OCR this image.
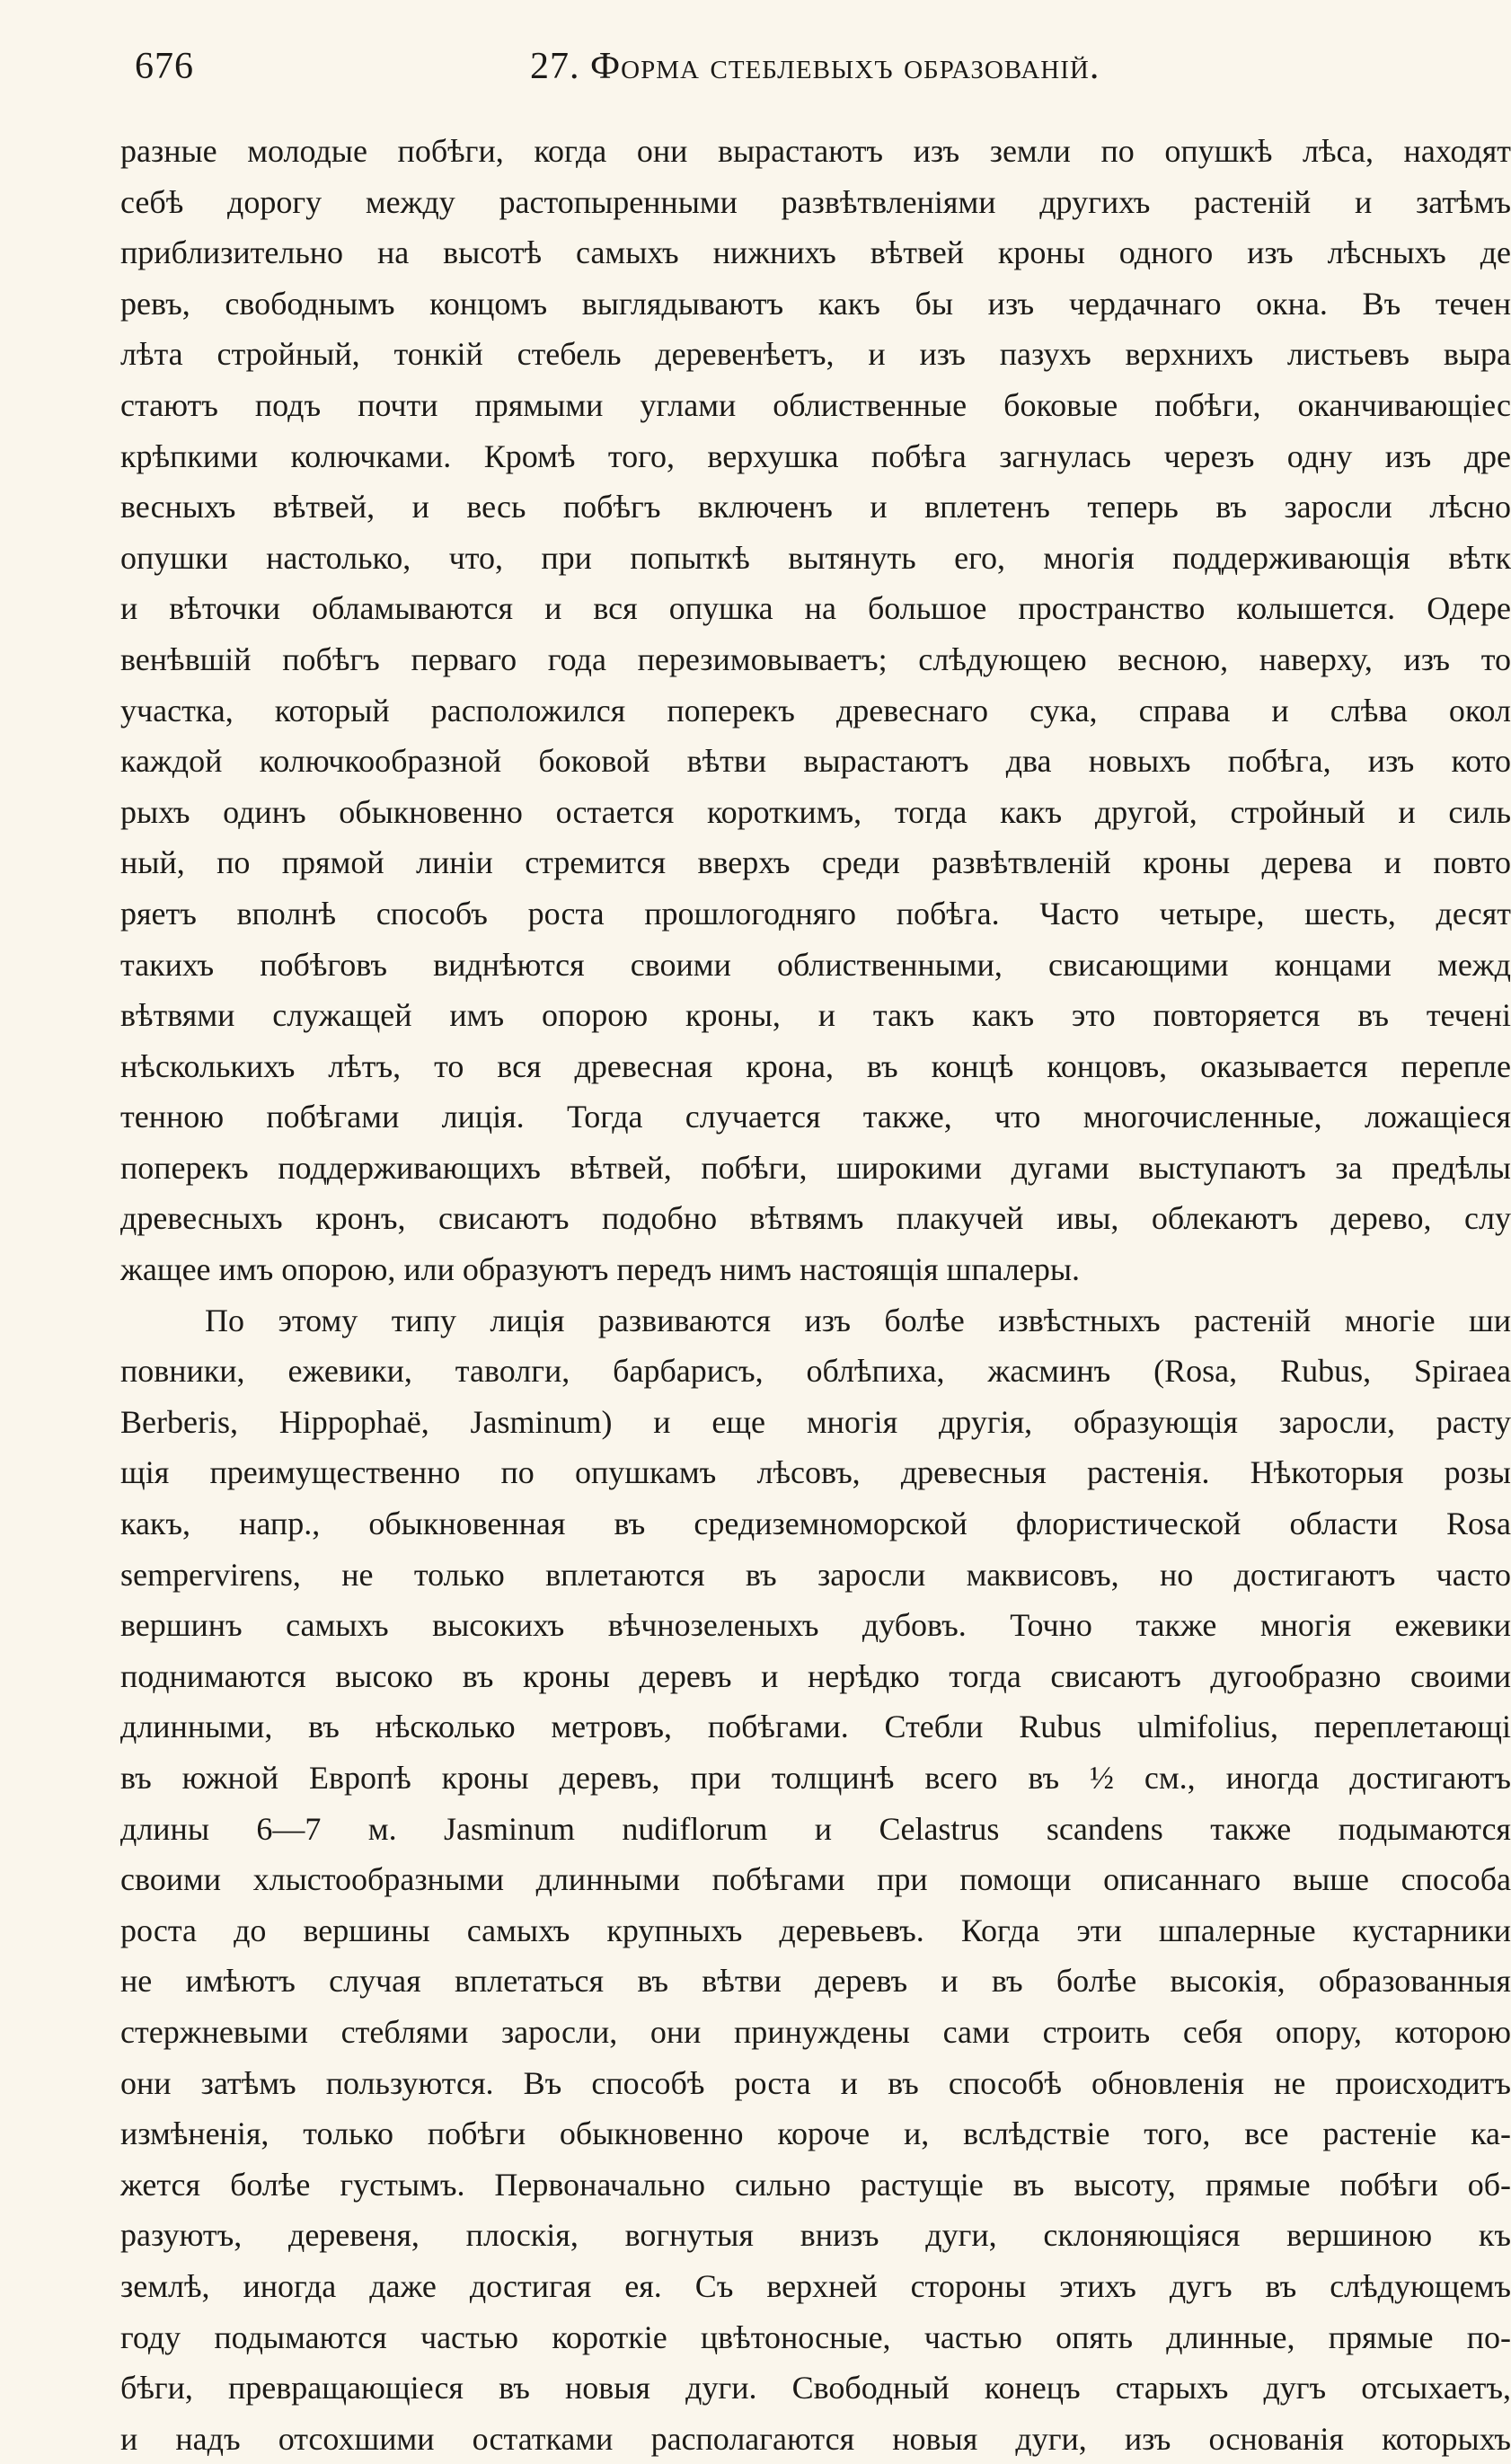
676	27. Форма стеблевыхъ образованій.
разные молодые побѣги, когда они вырастаютъ изъ земли по опушкѣ лѣса, находят
себѣ дорогу между растопыренными развѣтвленіями другихъ растеній и затѣмъ
приблизительно на высотѣ самыхъ нижнихъ вѣтвей кроны одного изъ лѣсныхъ де
ревъ, свободнымъ концомъ выглядываютъ какъ бы изъ чердачнаго окна. Въ течен
лѣта стройный, тонкій стебель деревенѣетъ, и изъ пазухъ верхнихъ листьевъ выра
стаютъ подъ почти прямыми углами облиственные боковые побѣги, оканчивающіес
крѣпкими колючками. Кромѣ того, верхушка побѣга загнулась черезъ одну изъ дре
весныхъ вѣтвей, и весь побѣгъ включенъ и вплетенъ теперь въ заросли лѣсно
опушки настолько, что, при попыткѣ вытянуть его, многія поддерживающія вѣтк
и вѣточки обламываются и вся опушка на большое пространство колышется. Одере
венѣвшій побѣгъ перваго года перезимовываетъ; слѣдующею весною, наверху, изъ то
участка, который расположился поперекъ древеснаго сука, справа и слѣва окол
каждой колючкообразной боковой вѣтви вырастаютъ два новыхъ побѣга, изъ кото
рыхъ одинъ обыкновенно остается короткимъ, тогда какъ другой, стройный и силь
ный, по прямой линіи стремится вверхъ среди развѣтвленій кроны дерева и повто
ряетъ вполнѣ способъ роста прошлогодняго побѣга. Часто четыре, шесть, десят
такихъ побѣговъ виднѣются своими облиственными, свисающими концами межд
вѣтвями служащей имъ опорою кроны, и такъ какъ это повторяется въ теченi
нѣсколькихъ лѣтъ, то вся древесная крона, въ концѣ концовъ, оказывается перепле
тенною побѣгами лиція. Тогда случается также, что многочисленные, ложащіеся
поперекъ поддерживающихъ вѣтвей, побѣги, широкими дугами выступаютъ за предѣлы
древесныхъ кронъ, свисаютъ подобно вѣтвямъ плакучей ивы, облекаютъ дерево, слу
жащее имъ опорою, или образуютъ передъ нимъ настоящія шпалеры.
По этому типу лиція развиваются изъ болѣе извѣстныхъ растеній многіе ши
повники, ежевики, таволги, барбарисъ, облѣпиха, жасминъ (Rosa, Rubus, Spiraea
Berberis, Hippophaë, Jasminum) и еще многія другія, образующія заросли, расту
щія преимущественно по опушкамъ лѣсовъ, древесныя растенія. Нѣкоторыя розы
какъ, напр., обыкновенная въ средиземноморской флористической области Rosa
sempervirens, не только вплетаются въ заросли маквисовъ, но достигаютъ часто
вершинъ самыхъ высокихъ вѣчнозеленыхъ дубовъ. Точно также многія ежевики
поднимаются высоко въ кроны деревъ и нерѣдко тогда свисаютъ дугообразно своими
длинными, въ нѣсколько метровъ, побѣгами. Стебли Rubus ulmifolius, переплетающі
въ южной Европѣ кроны деревъ, при толщинѣ всего въ ½ см., иногда достигаютъ
длины 6—7 м. Jasminum nudiflorum и Celastrus scandens также подымаются
своими хлыстообразными длинными побѣгами при помощи описаннаго выше способа
роста до вершины самыхъ крупныхъ деревьевъ. Когда эти шпалерные кустарники
не имѣютъ случая вплетаться въ вѣтви деревъ и въ болѣе высокія, образованныя
стержневыми стеблями заросли, они принуждены сами строить себя опору, которою
они затѣмъ пользуются. Въ способѣ роста и въ способѣ обновленія не происходитъ
измѣненія, только побѣги обыкновенно короче и, вслѣдствіе того, все растеніе ка-
жется болѣе густымъ. Первоначально сильно растущіе въ высоту, прямые побѣги об-
разуютъ, деревеня, плоскія, вогнутыя внизъ дуги, склоняющіяся вершиною къ
землѣ, иногда даже достигая ея. Съ верхней стороны этихъ дугъ въ слѣдующемъ
году подымаются частью короткіе цвѣтоносные, частью опять длинные, прямые по-
бѣги, превращающіеся въ новыя дуги. Свободный конецъ старыхъ дугъ отсыхаетъ,
и надъ отсохшими остатками располагаются новыя дуги, изъ основанія которыхъ
